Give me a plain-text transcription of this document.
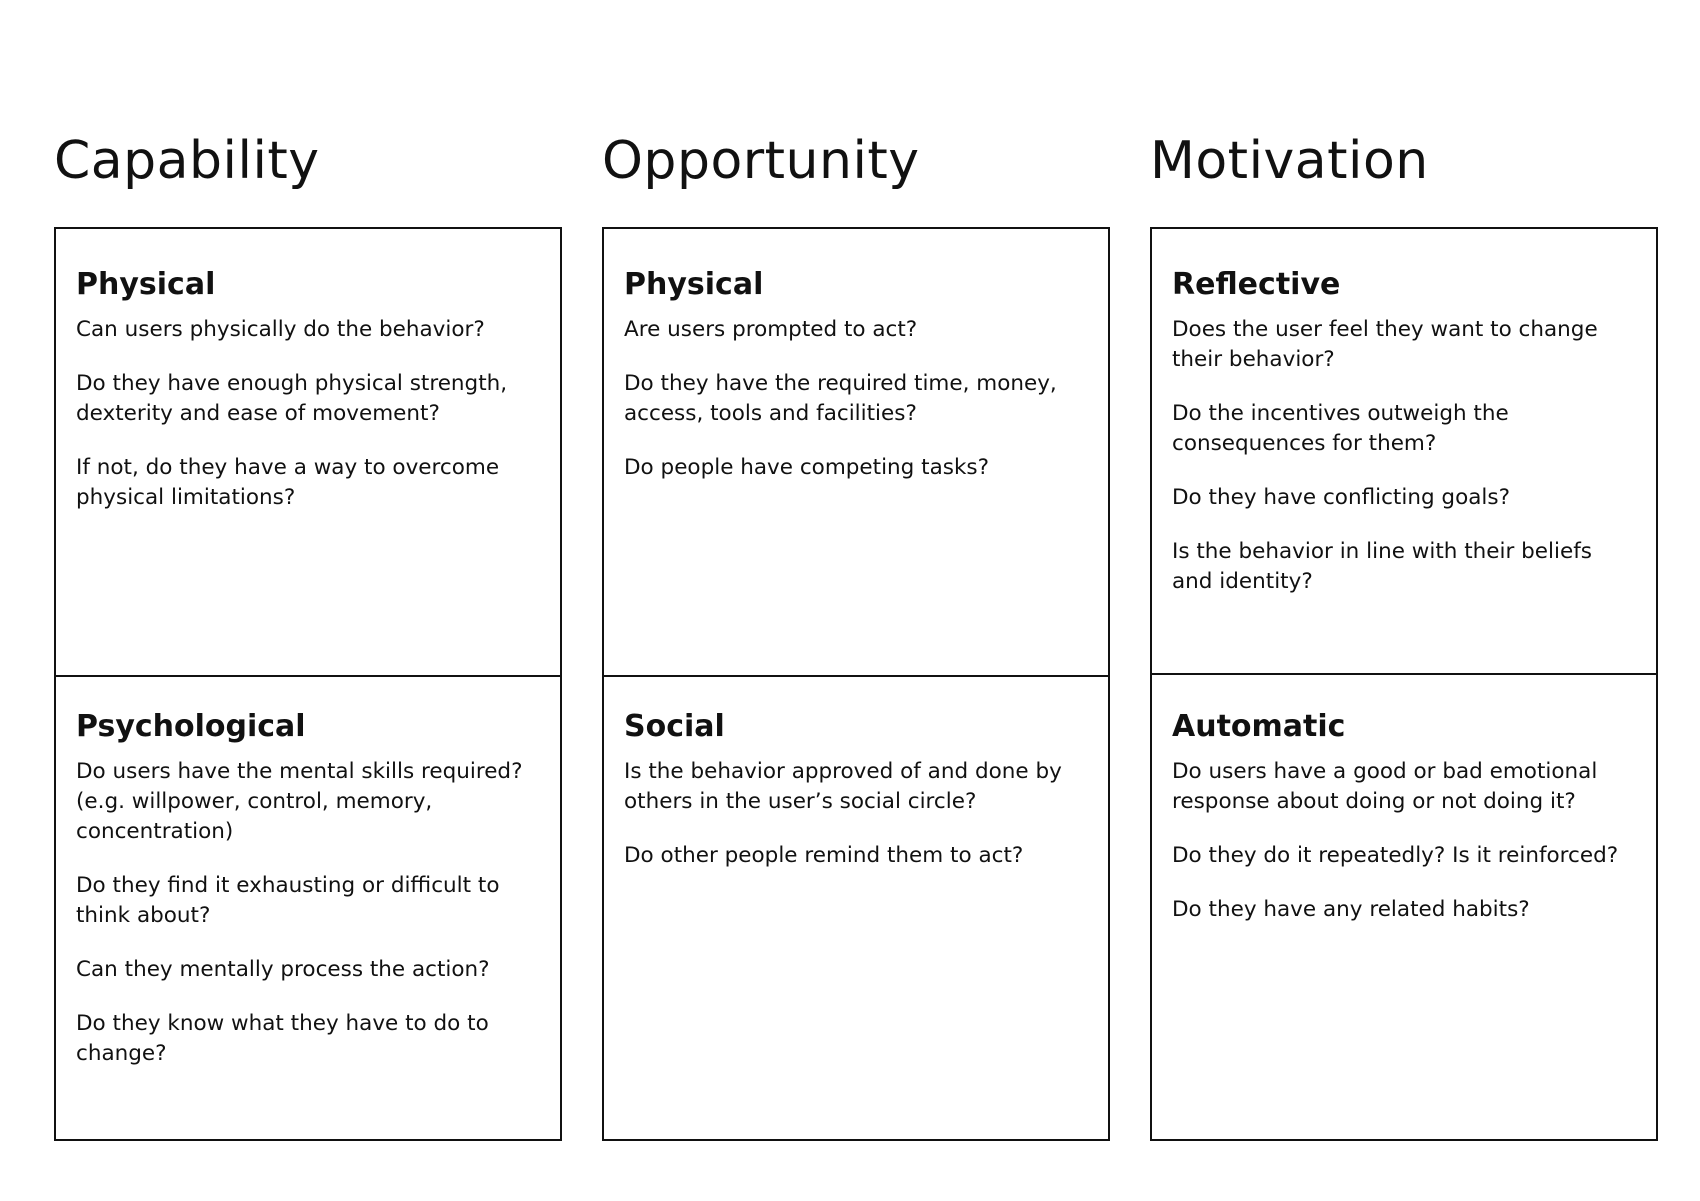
Capability
Physical

Can users physically do the behavior?

Do they have enough physical strength, dexterity and ease of movement?

If not, do they have a way to overcome physical limitations?

Psychological

Do users have the mental skills required? (e.g. willpower, control, memory, concentration)

Do they find it exhausting or difficult to think about?

Can they mentally process the action?

Do they know what they have to do to change?

Opportunity
Physical

Are users prompted to act?

Do they have the required time, money, access, tools and facilities?

Do people have competing tasks?

Social

Is the behavior approved of and done by others in the user’s social circle?

Do other people remind them to act?

Motivation
Reflective

Does the user feel they want to change their behavior?

Do the incentives outweigh the consequences for them?

Do they have conflicting goals?

Is the behavior in line with their beliefs and identity?

Automatic

Do users have a good or bad emotional response about doing or not doing it?

Do they do it repeatedly? Is it reinforced?

Do they have any related habits?
